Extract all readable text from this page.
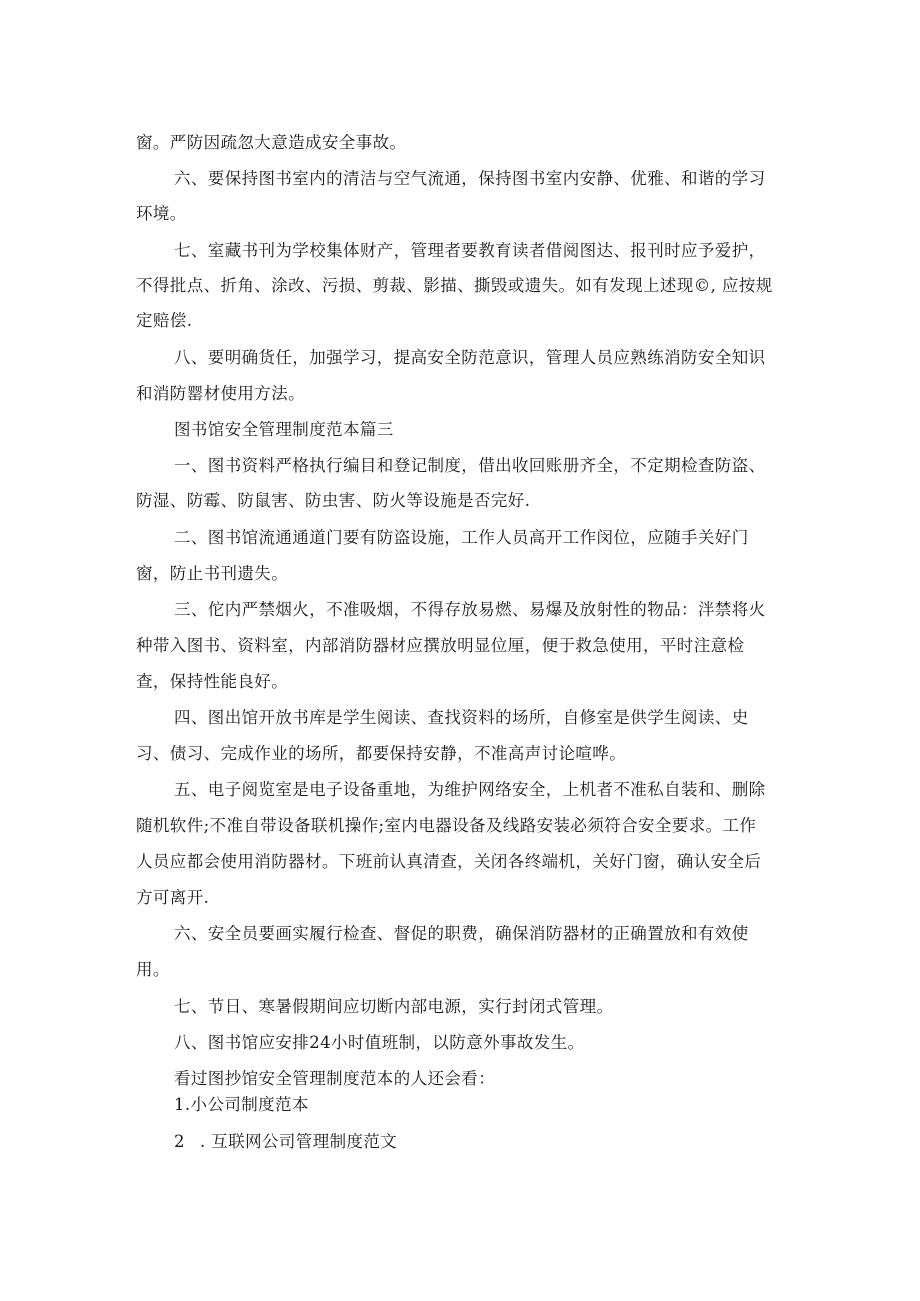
窗。严防因疏忽大意造成安全事故。

六、要保持图书室内的清洁与空气流通，保持图书室内安静、优雅、和谐的学习

环境。

七、室藏书刊为学校集体财产，管理者要教育读者借阅图达、报刊时应予爱护，

不得批点、折角、涂改、污损、剪裁、影描、撕毁或遗失。如有发现上述现©, 应按规

定赔偿.

八、要明确货任，加强学习，提高安全防范意识，管理人员应熟练消防安全知识

和消防罂材使用方法。

图书馆安全管理制度范本篇三

一、图书资料严格执行编目和登记制度，借出收回账册齐全，不定期检查防盗、

防湿、防霉、防鼠害、防虫害、防火等设施是否完好.

二、图书馆流通通道门要有防盗设施，工作人员高开工作闵位，应随手关好门

窗，防止书刊遗失。

三、佗内严禁烟火，不准吸烟，不得存放易燃、易爆及放射性的物品：泮禁将火

种带入图书、资料室，内部消防器材应撰放明显位厘，便于救急使用，平时注意检

查，保持性能良好。

四、图出馆开放书库是学生阅读、查找资料的场所，自修室是供学生阅读、史

习、债习、完成作业的场所，都要保持安静，不准高声讨论喧哗。

五、电子阅览室是电子设备重地，为维护网络安全，上机者不准私自装和、删除

随机软件;不准自带设备联机操作;室内电器设备及线路安装必须符合安全要求。工作

人员应都会使用消防器材。下班前认真清查，关闭各终端机，关好门窗，确认安全后

方可离开.

六、安全员要画实履行检查、督促的职费，确保消防器材的正确置放和有效使

用。

七、节日、寒暑假期间应切断内部电源，实行封闭式管理。

八、图书馆应安排24小时值班制，以防意外事故发生。

看过图抄馆安全管理制度范本的人还会看：

1.小公司制度范本

2 . 互联网公司管理制度范文
